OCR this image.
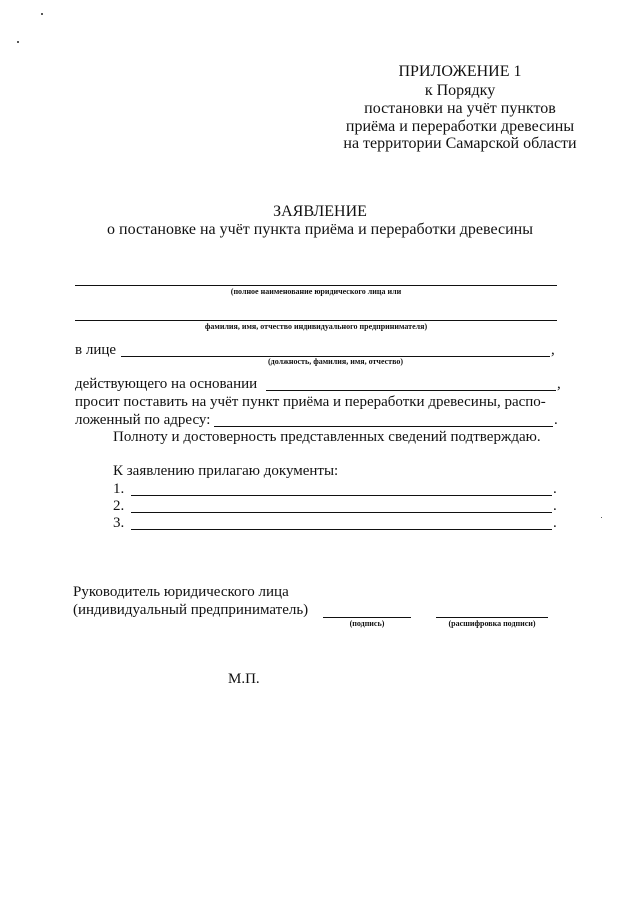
ПРИЛОЖЕНИЕ 1
к Порядку
постановки на учёт пунктов
приёма и переработки древесины
на территории Самарской области
ЗАЯВЛЕНИЕ
о постановке на учёт пункта приёма и переработки древесины
(полное наименование юридического лица или
фамилия, имя, отчество индивидуального предпринимателя)
в лице	,
(должность, фамилия, имя, отчество)
действующего на основании	,
просит поставить на учёт пункт приёма и переработки древесины, распо-
ложенный по адресу:	.
Полноту и достоверность представленных сведений подтверждаю.
К заявлению прилагаю документы:
1.	.
2.	.
3.	.
Руководитель юридического лица
(индивидуальный предприниматель)
(подпись)	(расшифровка подписи)
М.П.
